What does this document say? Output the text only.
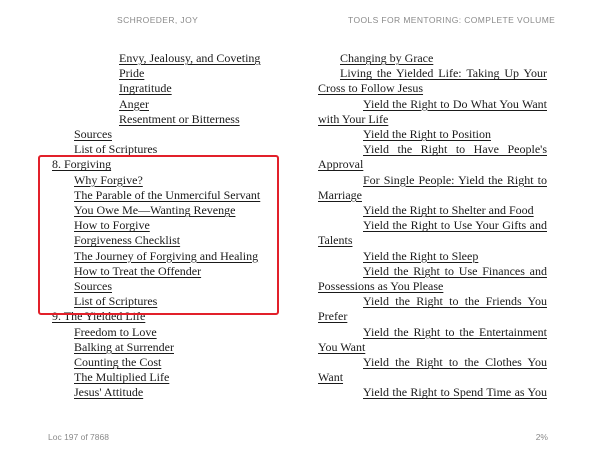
SCHROEDER, JOY	TOOLS FOR MENTORING: COMPLETE VOLUME
Envy, Jealousy, and Coveting
Pride
Ingratitude
Anger
Resentment or Bitterness
Sources
List of Scriptures
8. Forgiving
Why Forgive?
The Parable of the Unmerciful Servant
You Owe Me—Wanting Revenge
How to Forgive
Forgiveness Checklist
The Journey of Forgiving and Healing
How to Treat the Offender
Sources
List of Scriptures
9. The Yielded Life
Freedom to Love
Balking at Surrender
Counting the Cost
The Multiplied Life
Jesus' Attitude
Changing by Grace
Living the Yielded Life: Taking Up Your
Cross to Follow Jesus
Yield the Right to Do What You Want
with Your Life
Yield the Right to Position
Yield the Right to Have People's
Approval
For Single People: Yield the Right to
Marriage
Yield the Right to Shelter and Food
Yield the Right to Use Your Gifts and
Talents
Yield the Right to Sleep
Yield the Right to Use Finances and
Possessions as You Please
Yield the Right to the Friends You
Prefer
Yield the Right to the Entertainment
You Want
Yield the Right to the Clothes You
Want
Yield the Right to Spend Time as You
Loc 197 of 7868	2%
